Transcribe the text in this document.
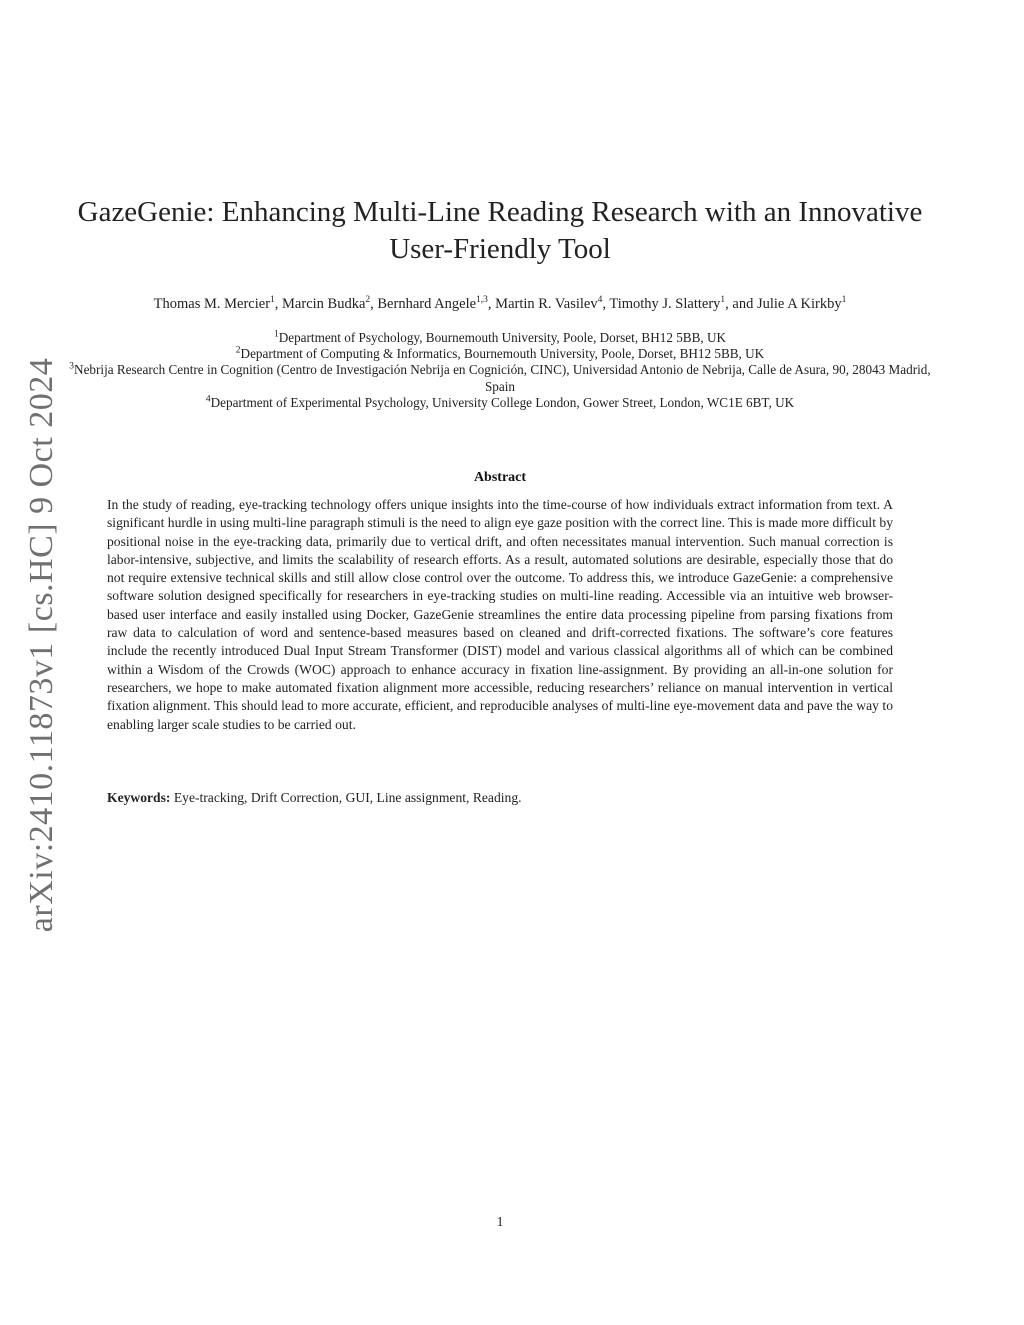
arXiv:2410.11873v1 [cs.HC] 9 Oct 2024
GazeGenie: Enhancing Multi-Line Reading Research with an Innovative
User-Friendly Tool
Thomas M. Mercier$^1$, Marcin Budka$^2$, Bernhard Angele$^{1,3}$, Martin R. Vasilev$^4$, Timothy J. Slattery$^1$, and Julie A Kirkby$^1$
$^1$Department of Psychology, Bournemouth University, Poole, Dorset, BH12 5BB, UK
$^2$Department of Computing & Informatics, Bournemouth University, Poole, Dorset, BH12 5BB, UK
$^3$Nebrija Research Centre in Cognition (Centro de Investigación Nebrija en Cognición, CINC), Universidad Antonio de Nebrija, Calle de Asura, 90, 28043 Madrid, Spain
$^4$Department of Experimental Psychology, University College London, Gower Street, London, WC1E 6BT, UK
Abstract

In the study of reading, eye-tracking technology offers unique insights into the time-course of how individuals extract information from text. A significant hurdle in using multi-line paragraph stimuli is the need to align eye gaze position with the correct line. This is made more difficult by positional noise in the eye-tracking data, primarily due to vertical drift, and often necessitates manual intervention. Such manual correction is labor-intensive, subjective, and limits the scalability of research efforts. As a result, automated solutions are desirable, especially those that do not require extensive technical skills and still allow close control over the outcome. To address this, we introduce GazeGenie: a comprehensive software solution designed specifically for researchers in eye-tracking studies on multi-line reading. Accessible via an intuitive web browser-based user interface and easily installed using Docker, GazeGenie streamlines the entire data processing pipeline from parsing fixations from raw data to calculation of word and sentence-based measures based on cleaned and drift-corrected fixations. The software’s core features include the recently introduced Dual Input Stream Transformer (DIST) model and various classical algorithms all of which can be combined within a Wisdom of the Crowds (WOC) approach to enhance accuracy in fixation line-assignment. By providing an all-in-one solution for researchers, we hope to make automated fixation alignment more accessible, reducing researchers’ reliance on manual intervention in vertical fixation alignment. This should lead to more accurate, efficient, and reproducible analyses of multi-line eye-movement data and pave the way to enabling larger scale studies to be carried out.

Keywords: Eye-tracking, Drift Correction, GUI, Line assignment, Reading.
1
